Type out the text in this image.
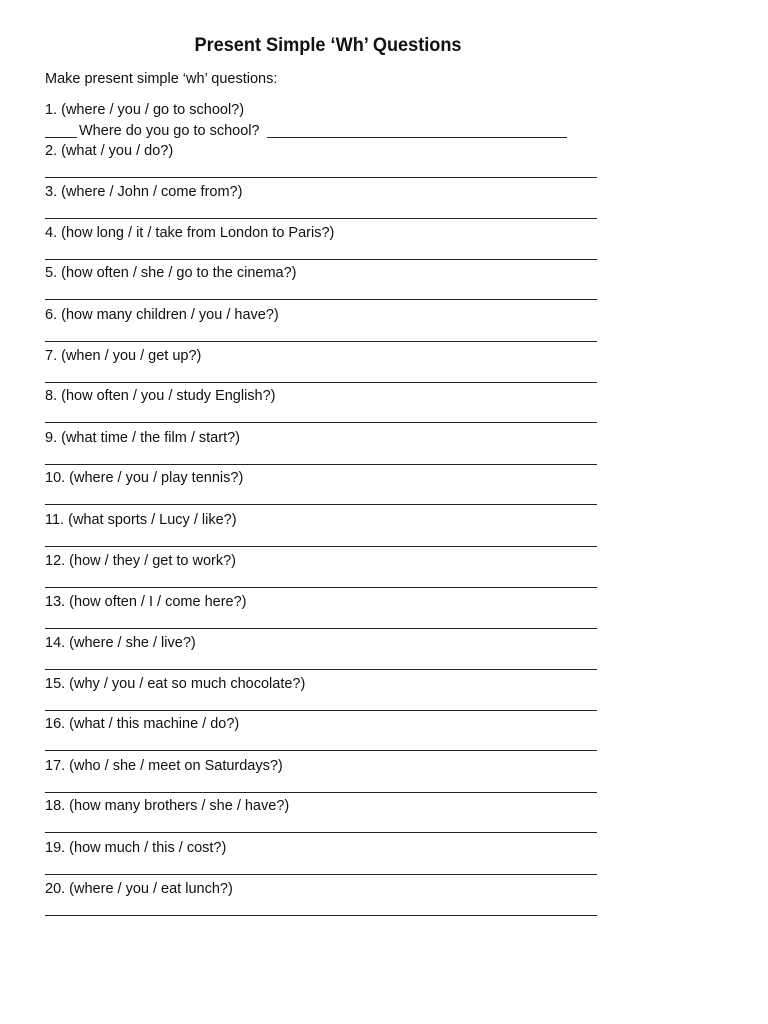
Present Simple ‘Wh’ Questions
Make present simple ‘wh’ questions:
1. (where / you / go to school?)
Where do you go to school?
2. (what / you / do?)
3. (where / John / come from?)
4. (how long / it / take from London to Paris?)
5. (how often / she / go to the cinema?)
6. (how many children / you / have?)
7. (when / you / get up?)
8. (how often / you / study English?)
9. (what time / the film / start?)
10. (where / you / play tennis?)
11. (what sports / Lucy / like?)
12. (how / they / get to work?)
13. (how often / I / come here?)
14. (where / she / live?)
15. (why / you / eat so much chocolate?)
16. (what / this machine / do?)
17. (who / she / meet on Saturdays?)
18. (how many brothers / she / have?)
19. (how much / this / cost?)
20. (where / you / eat lunch?)
